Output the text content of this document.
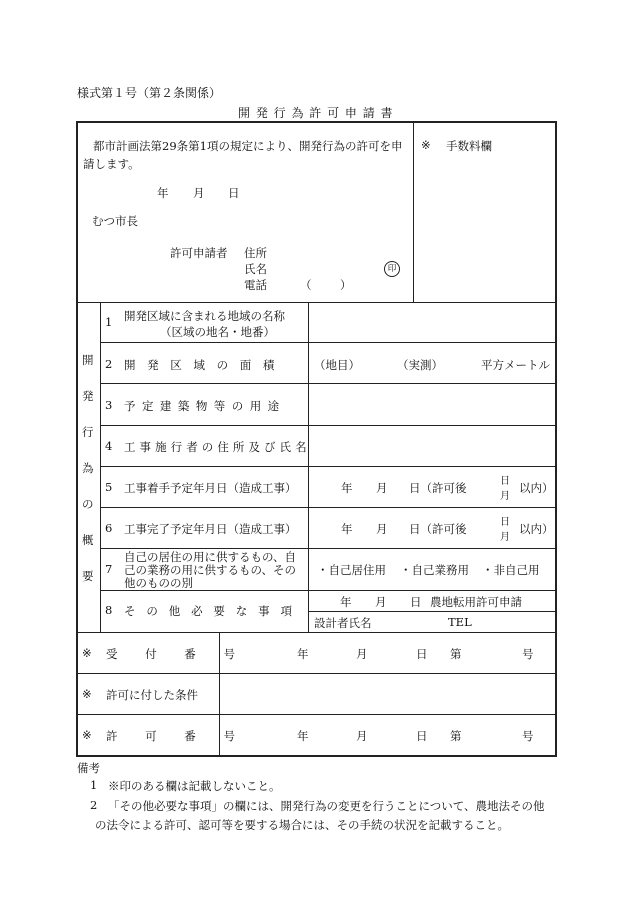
様式第１号（第２条関係）
開 発 行 為 許 可 申 請 書
都市計画法第29条第1項の規定により、開発行為の許可を申
請します。
年 月 日
むつ市長
許可申請者 住所
氏名	印
電話	（ ）
※ 手数料欄
開
発
行
為
の
概
要
1 開発区域に含まれる地域の名称
（区域の地名・地番）
2 開 発 区 域 の 面 積	（地目）	（実測）	平方メートル
3 予 定 建 築 物 等 の 用 途
4 工 事 施 行 者 の 住 所 及 び 氏 名
5 工事着手予定年月日（造成工事）	年 月 日（許可後	日
月
以内）
6 工事完了予定年月日（造成工事）	年 月 日（許可後	日
月
以内）
7
自己の居住の用に供するもの、自
己の業務の用に供するもの、その
他のものの別
・自己居住用 ・自己業務用 ・非自己用
8 そ の 他 必 要 な 事 項
年 月 日 農地転用許可申請
設計者氏名	TEL
※ 受 付 番 号	年	月	日 第	号
※ 許可に付した条件
※ 許 可 番 号	年	月	日 第	号
備考
1 ※印のある欄は記載しないこと。
2 「その他必要な事項」の欄には、開発行為の変更を行うことについて、農地法その他
の法令による許可、認可等を要する場合には、その手続の状況を記載すること。
